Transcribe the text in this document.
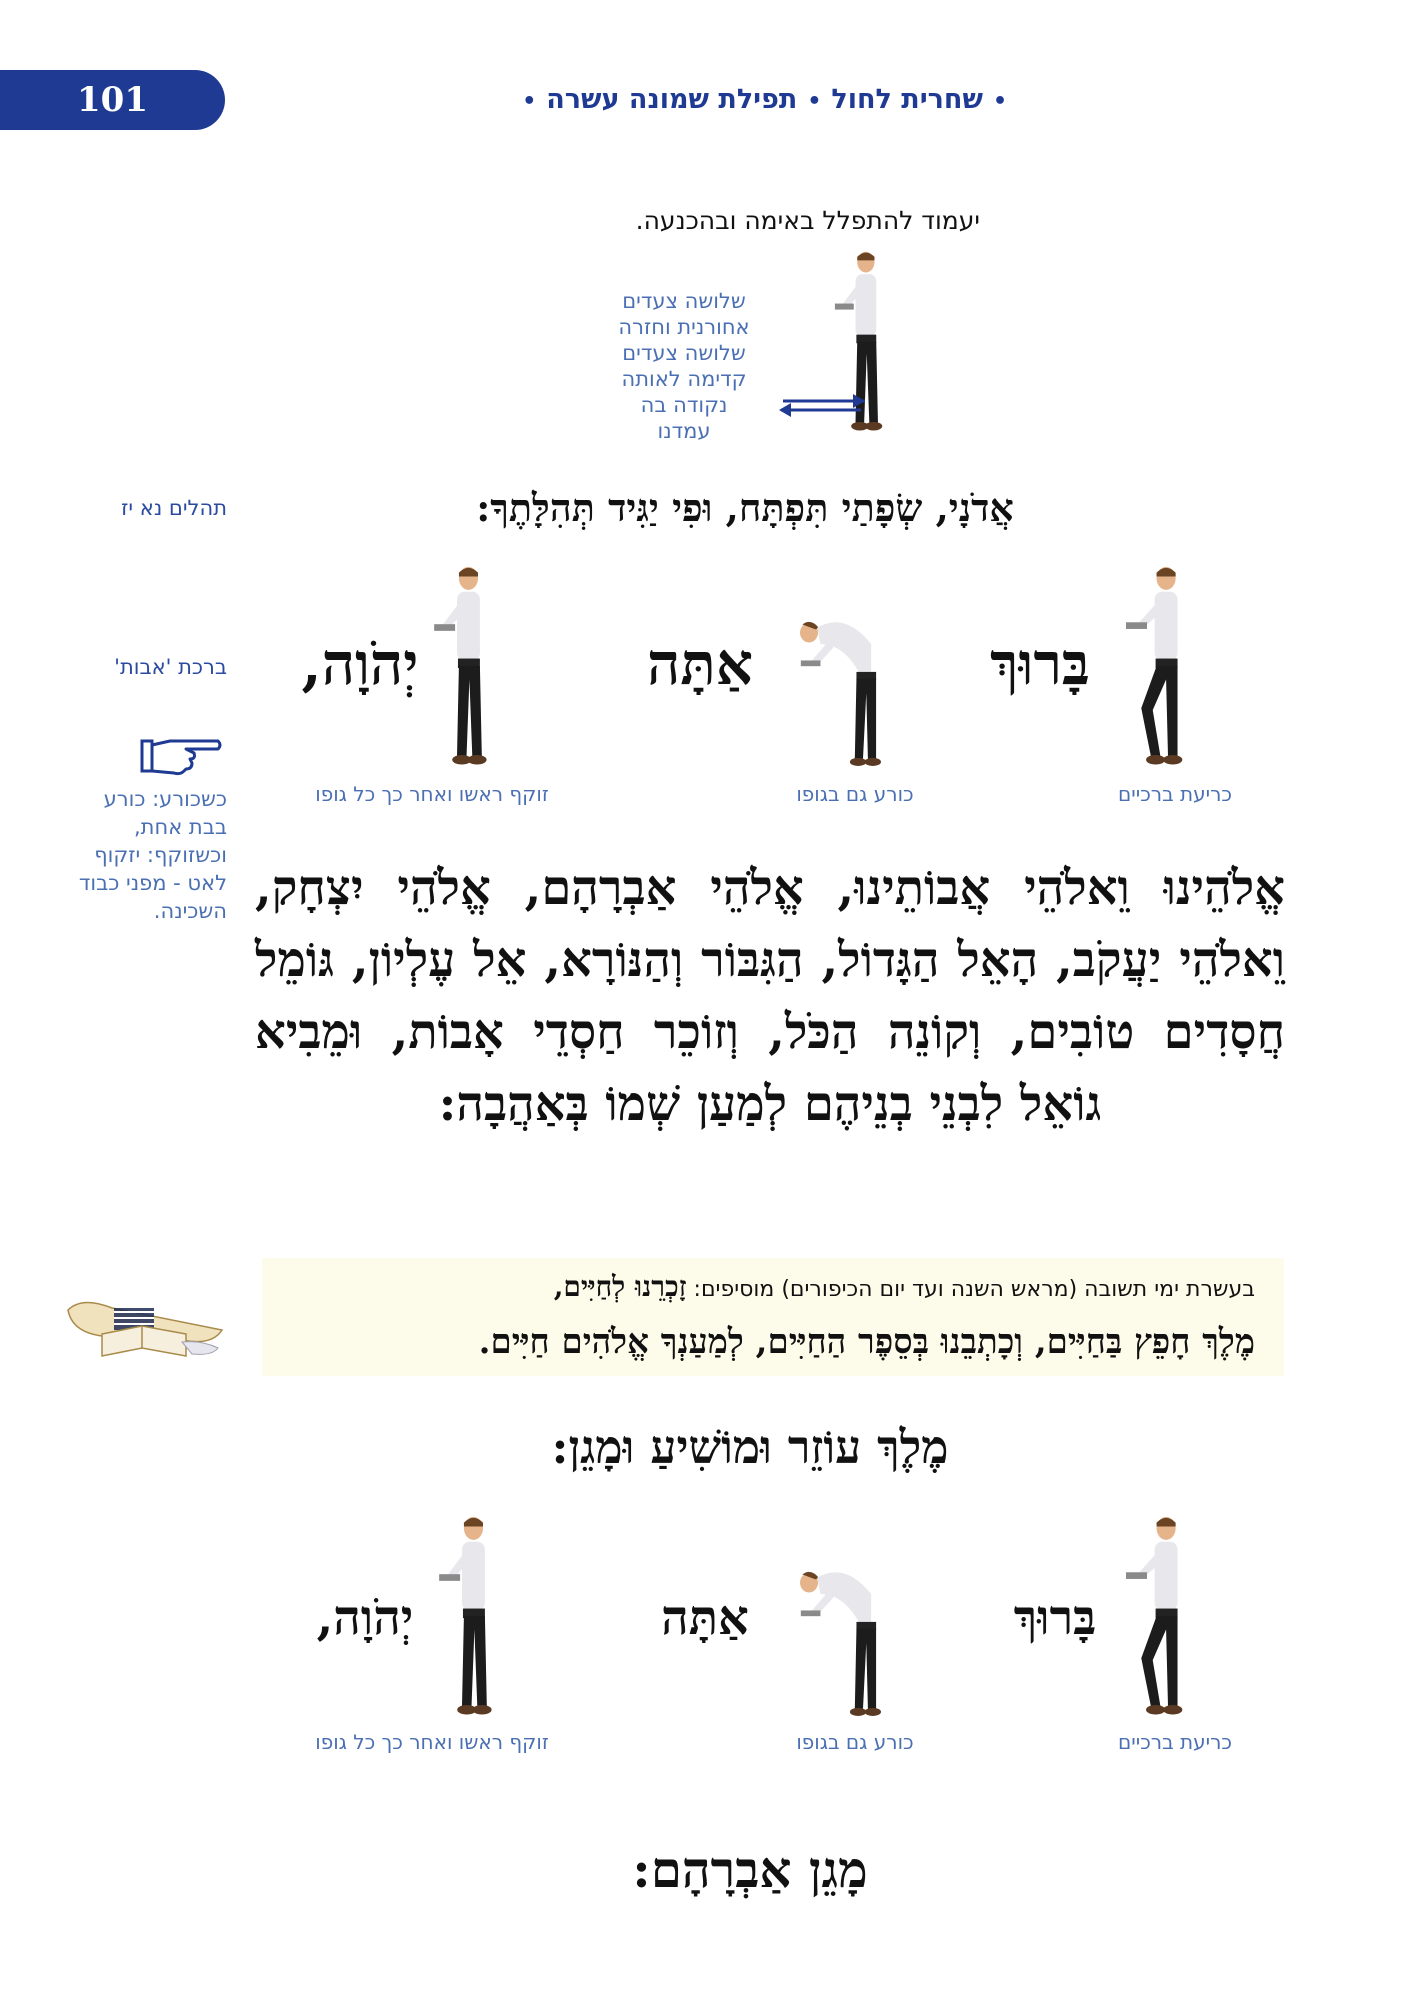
101	•שחרית לחול•תפילת שמונה עשרה•
יעמוד להתפלל באימה ובהכנעה.
שלושה צעדים
אחורנית וחזרה
שלושה צעדים
קדימה לאותה
נקודה בה
עמדנו
אֲדֹנָי, שְׂפָתַי תִּפְתָּח, וּפִי יַגִּיד תְּהִלָּתֶךָ:
תהלים נא יז
ברכת 'אבות'
כשכורע: כורע בבת אחת, וכשזוקף: יזקוף לאט - מפני כבוד השכינה.
בָּרוּךְ
אַתָּה
יְהֹוָה,
כריעת ברכיים
כורע גם בגופו
זוקף ראשו ואחר כך כל גופו
אֱלֹהֵינוּ וֵאלֹהֵי אֲבוֹתֵינוּ, אֱלֹהֵי אַבְרָהָם, אֱלֹהֵי יִצְחָק, וֵאלֹהֵי יַעֲקֹב, הָאֵל הַגָּדוֹל, הַגִּבּוֹר וְהַנּוֹרָא, אֵל עֶלְיוֹן, גּוֹמֵל חֲסָדִים טוֹבִים, וְקוֹנֵה הַכֹּל, וְזוֹכֵר חַסְדֵי אָבוֹת, וּמֵבִיא גוֹאֵל לִבְנֵי בְנֵיהֶם לְמַעַן שְׁמוֹ בְּאַהֲבָה:
בעשרת ימי תשובה (מראש השנה ועד יום הכיפורים) מוסיפים: זָכְרֵנוּ לְחַיִּים,
מֶלֶךְ חָפֵץ בַּחַיִּים, וְכָתְבֵנוּ בְּסֵפֶר הַחַיִּים, לְמַעַנְךָ אֱלֹהִים חַיִּים.
מֶלֶךְ עוֹזֵר וּמוֹשִׁיעַ וּמָגֵן:
בָּרוּךְ
אַתָּה
יְהֹוָה,
כריעת ברכיים
כורע גם בגופו
זוקף ראשו ואחר כך כל גופו
מָגֵן אַבְרָהָם:
